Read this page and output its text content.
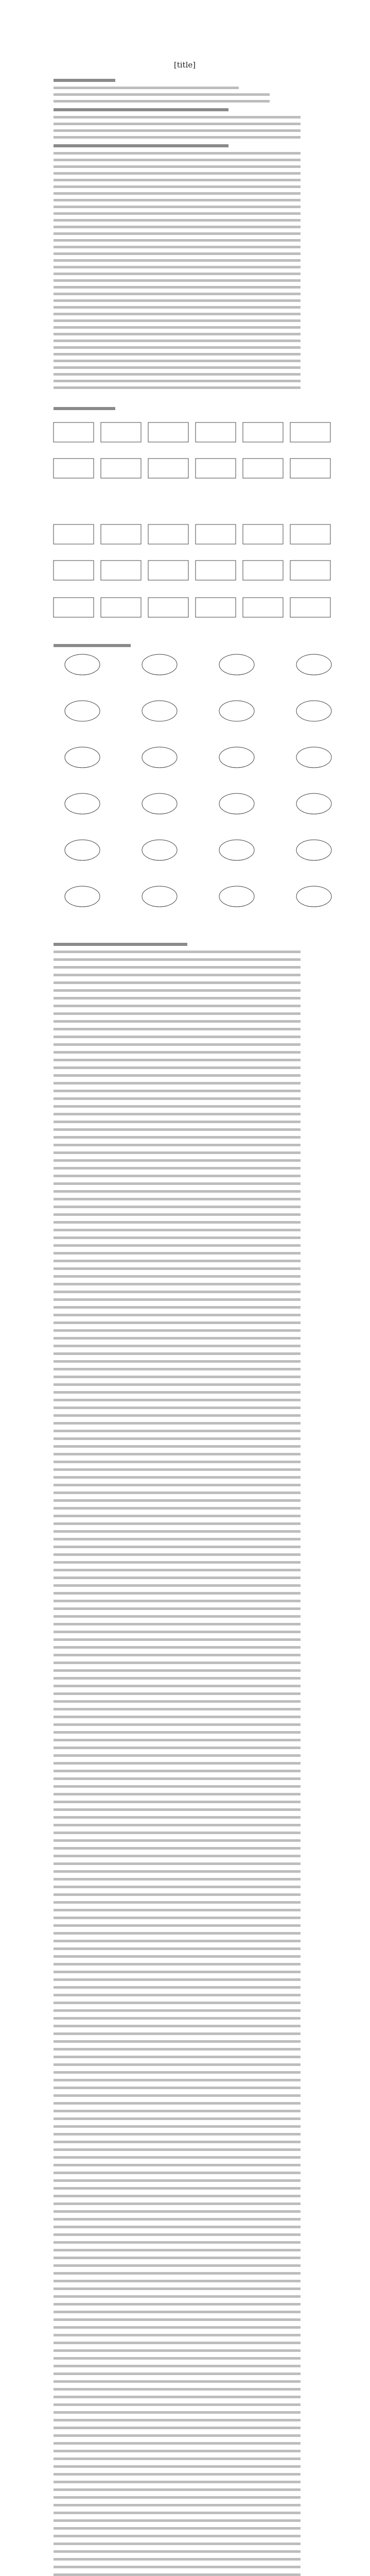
[title]
